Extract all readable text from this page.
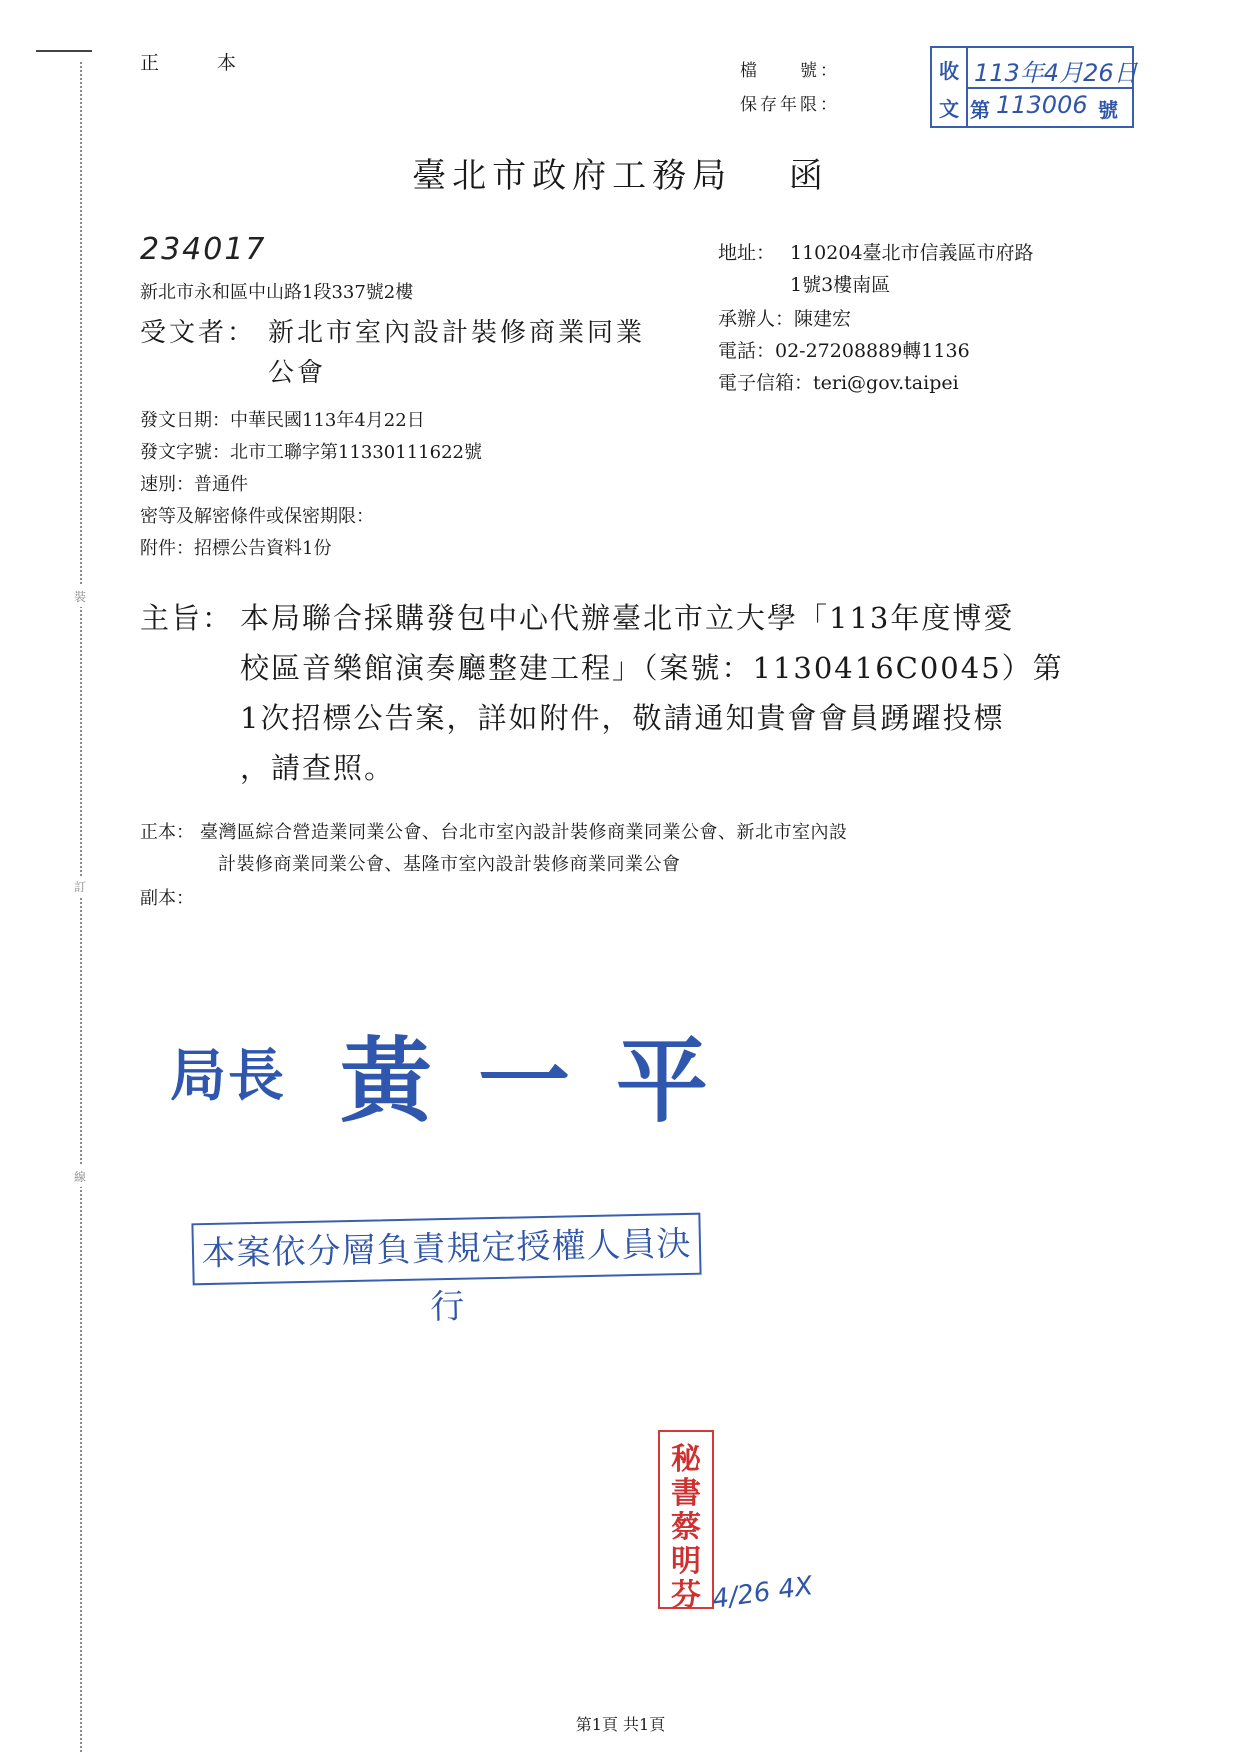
裝
訂
線
正 本	檔　　號：
保存年限：
收
文
113年4月26日
第 113006 號
臺北市政府工務局　 函
234017
新北市永和區中山路1段337號2樓
受文者： 新北市室內設計裝修商業同業
公會
地址： 110204臺北市信義區市府路
1號3樓南區
承辦人：陳建宏
電話：02-27208889轉1136
電子信箱：teri@gov.taipei
發文日期：中華民國113年4月22日
發文字號：北市工聯字第11330111622號
速別：普通件
密等及解密條件或保密期限：
附件：招標公告資料1份
主旨： 本局聯合採購發包中心代辦臺北市立大學「113年度博愛
校區音樂館演奏廳整建工程」（案號：1130416C0045）第
1次招標公告案，詳如附件，敬請通知貴會會員踴躍投標
，請查照。
正本： 臺灣區綜合營造業同業公會、台北市室內設計裝修商業同業公會、新北市室內設
計裝修商業同業公會、基隆市室內設計裝修商業同業公會
副本：
局長 黃一平
本案依分層負責規定授權人員決行
秘
書
蔡
明
芬 4/26 4X
第1頁 共1頁
